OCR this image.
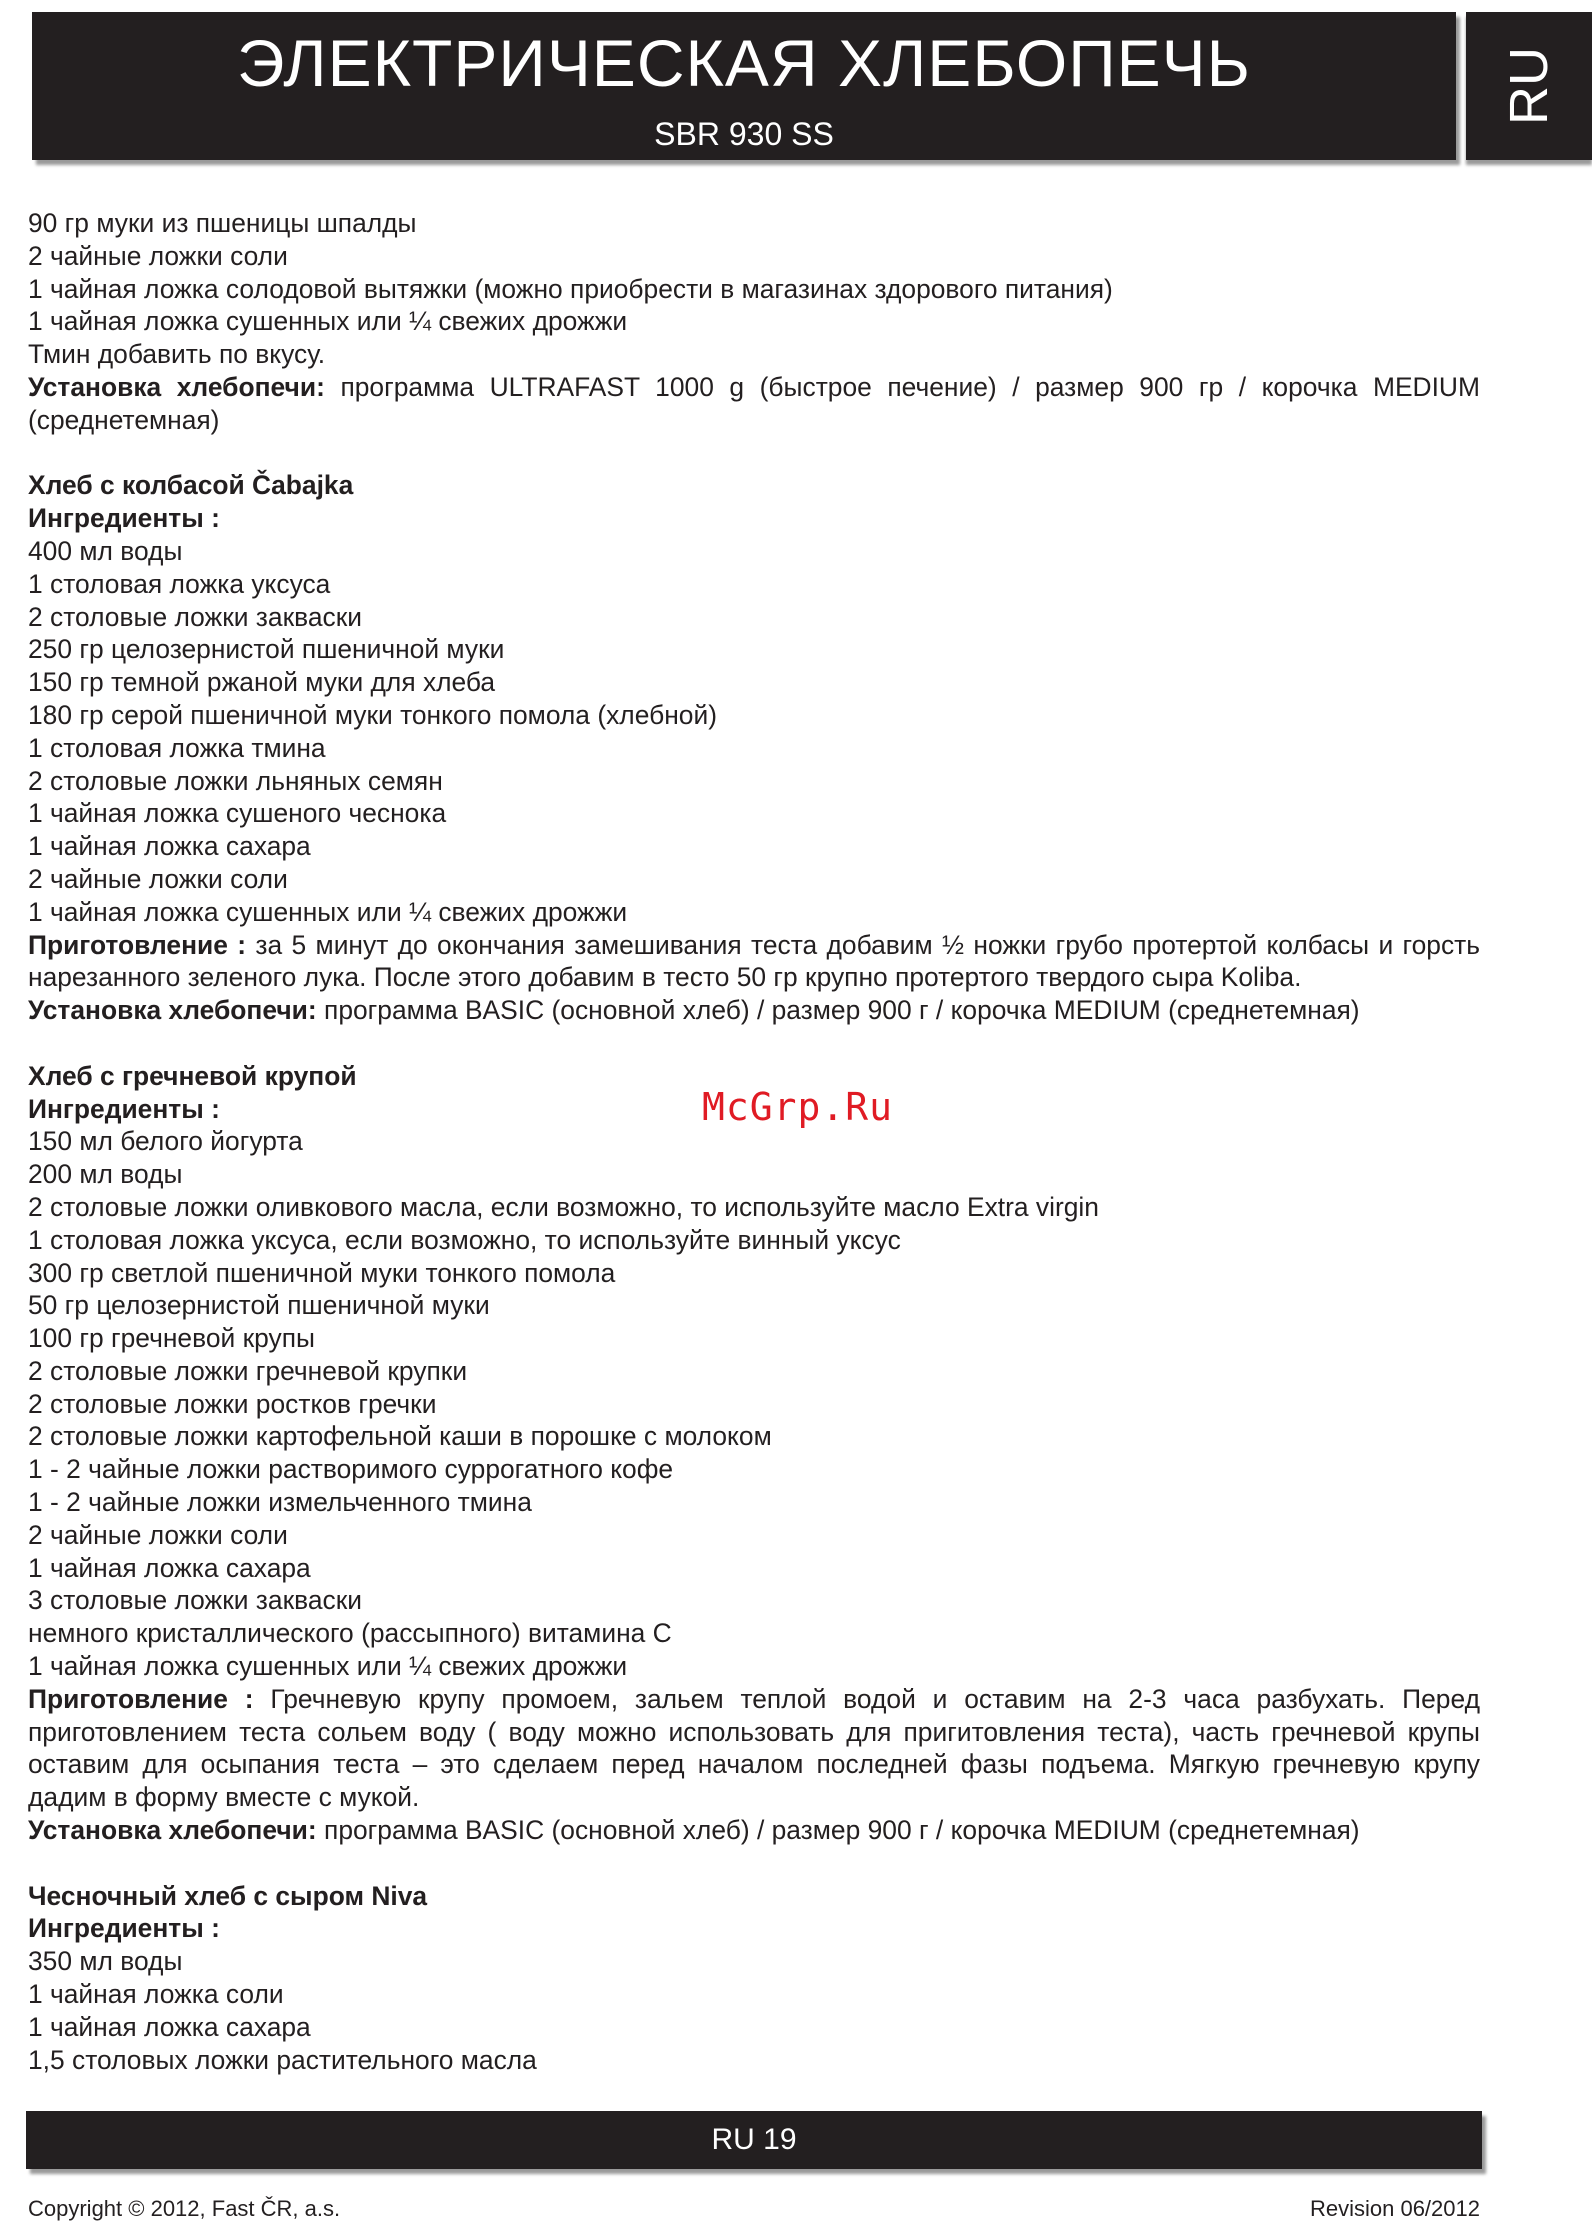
ЭЛЕКТРИЧЕСКАЯ ХЛЕБОПЕЧЬ
SBR 930 SS
RU
90 гр муки из пшеницы шпалды
2 чайные ложки соли
1 чайная ложка солодовой вытяжки (можно приобрести в магазинах здорового питания)
1 чайная ложка сушенных или ¼ свежих дрожжи
Тмин добавить по вкусу.
Установка хлебопечи: программа ULTRAFAST 1000 g (быстрое печение) / размер 900 гр / корочка MEDIUM (среднетемная)
Хлеб с колбасой Čabajka
Ингредиенты :
400 мл воды
1 столовая ложка уксуса
2 столовые ложки закваски
250 гр целозернистой пшеничной муки
150 гр темной ржаной муки для хлеба
180 гр серой пшеничной муки тонкого помола (хлебной)
1 столовая ложка тмина
2 столовые ложки льняных семян
1 чайная ложка сушеного чеснока
1 чайная ложка сахара
2 чайные ложки соли
1 чайная ложка сушенных или ¼ свежих дрожжи
Приготовление : за 5 минут до окончания замешивания теста добавим ½ ножки грубо протертой колбасы и горсть нарезанного зеленого лука. После этого добавим в тесто 50 гр крупно протертого твердого сыра Koliba.
Установка хлебопечи: программа BASIC (основной хлеб) / размер 900 г / корочка MEDIUM (среднетемная)
Хлеб с гречневой крупой
Ингредиенты :
150 мл белого йогурта
200 мл воды
2 столовые ложки оливкового масла, если возможно, то используйте масло Extra virgin
1 столовая ложка уксуса, если возможно, то используйте винный уксус
300 гр светлой пшеничной муки тонкого помола
50 гр целозернистой пшеничной муки
100 гр гречневой крупы
2 столовые ложки гречневой крупки
2 столовые ложки ростков гречки
2 столовые ложки картофельной каши в порошке с молоком
1 - 2 чайные ложки растворимого суррогатного кофе
1 - 2 чайные ложки измельченного тмина
2 чайные ложки соли
1 чайная ложка сахара
3 столовые ложки закваски
немного кристаллического (рассыпного) витамина C
1 чайная ложка сушенных или ¼ свежих дрожжи
Приготовление : Гречневую крупу промоем, зальем теплой водой и оставим на 2-3 часа разбухать. Перед приготовлением теста сольем воду ( воду можно использовать для пригитовления теста), часть гречневой крупы оставим для осыпания теста – это сделаем перед началом последней фазы подъема. Мягкую гречневую крупу дадим в форму вместе с мукой.
Установка хлебопечи: программа BASIC (основной хлеб) / размер 900 г / корочка MEDIUM (среднетемная)
Чесночный хлеб с сыром Niva
Ингредиенты :
350 мл воды
1 чайная ложка соли
1 чайная ложка сахара
1,5 столовых ложки растительного масла
McGrp.Ru
RU 19
Copyright © 2012, Fast ČR, a.s.	Revision 06/2012
